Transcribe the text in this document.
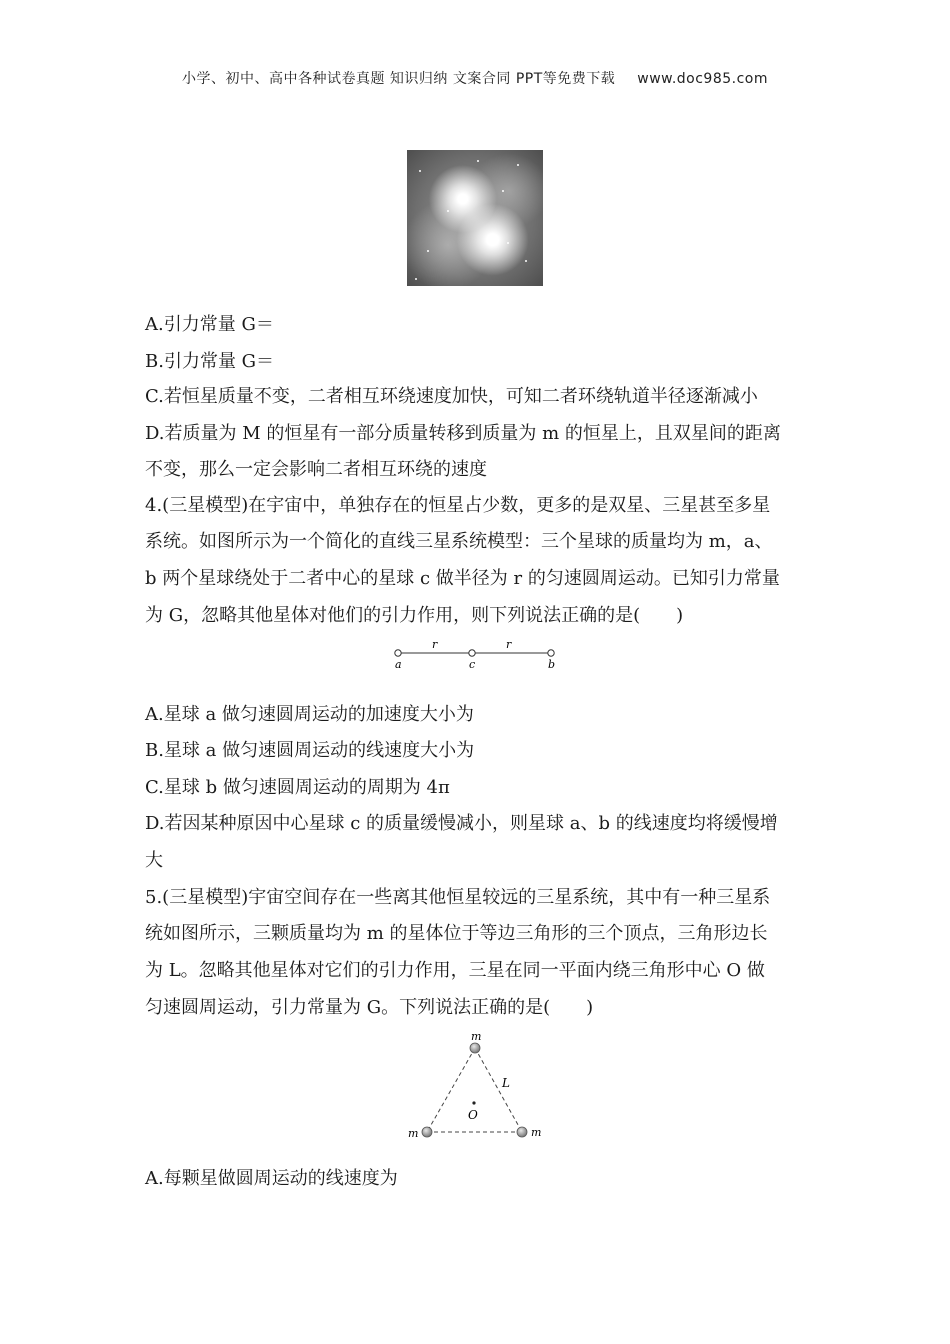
小学、初中、高中各种试卷真题 知识归纳 文案合同 PPT等免费下载 www.doc985.com
A.引力常量 G＝
B.引力常量 G＝
C.若恒星质量不变，二者相互环绕速度加快，可知二者环绕轨道半径逐渐减小
D.若质量为 M 的恒星有一部分质量转移到质量为 m 的恒星上，且双星间的距离
不变，那么一定会影响二者相互环绕的速度
4.(三星模型)在宇宙中，单独存在的恒星占少数，更多的是双星、三星甚至多星
系统。如图所示为一个简化的直线三星系统模型：三个星球的质量均为 m，a、
b 两个星球绕处于二者中心的星球 c 做半径为 r 的匀速圆周运动。已知引力常量
为 G，忽略其他星体对他们的引力作用，则下列说法正确的是(　　)
r	r
a	c	b
A.星球 a 做匀速圆周运动的加速度大小为
B.星球 a 做匀速圆周运动的线速度大小为
C.星球 b 做匀速圆周运动的周期为 4π
D.若因某种原因中心星球 c 的质量缓慢减小，则星球 a、b 的线速度均将缓慢增
大
5.(三星模型)宇宙空间存在一些离其他恒星较远的三星系统，其中有一种三星系
统如图所示，三颗质量均为 m 的星体位于等边三角形的三个顶点，三角形边长
为 L。忽略其他星体对它们的引力作用，三星在同一平面内绕三角形中心 O 做
匀速圆周运动，引力常量为 G。下列说法正确的是(　　)
m
m	m
L
O
A.每颗星做圆周运动的线速度为
